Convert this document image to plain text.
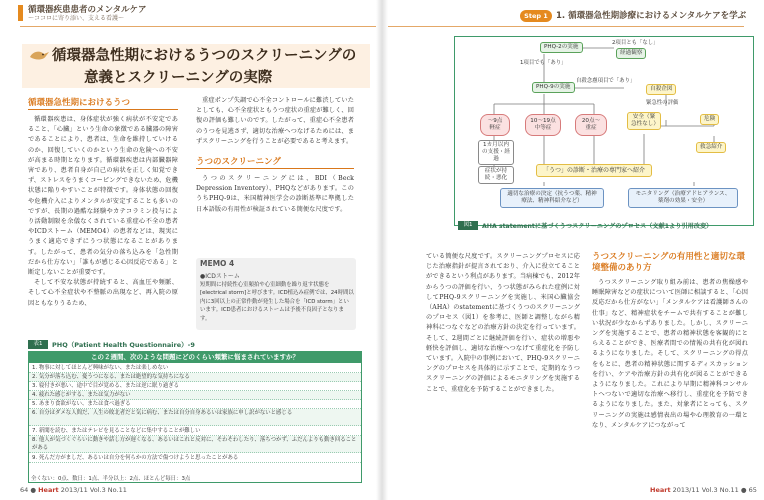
循環器疾患患者のメンタルケア
〜ココロに寄り添い、支える看護〜	Step 1 1. 循環器急性期診療におけるメンタルケアを学ぶ
循環器急性期におけるうつのスクリーニングの
意義とスクリーニングの実際
循環器急性期におけるうつ

循環器疾患は、身体症状が強く病状が不安定であること、「心臓」という生命の象徴である臓器の障害であることにより、患者は、生命を維持していけるのか、回復していくのかという生命の危険への不安が高まる時期となります。循環器疾患は内部臓器障害であり、患者自身が自己の病状を正しく知覚できず、ストレスをうまくコーピングできないため、危機状態に陥りやすいことが特徴です。身体状態の回復や危機介入によりメンタルが安定することも多いのですが、長期の過酷な経験やカテコラミン投与により活動制限を余儀なくされている重症心不全の患者やICDストーム（MEMO4）の患者などは、現実にうまく適応できずにうつ状態になることがあります。したがって、患者の気分の落ち込みを「急性期だから仕方ない」「誰もが感じる心因反応である」と断定しないことが重要です。

そして不安な状態が持続すると、高血圧や頻脈、そして心不全症状や不整脈の出現など、再入院の原因ともなりうるため、

重症ポンプ失調で心不全コントロールに難渋していたとしても、心不全症状ともうつ症状の重症が難しく、回復の評価も難しいのです。したがって、重症心不全患者のうつを見逃さず、適切な治療へつなげるためには、まずスクリーニングを行うことが必要であると考えます。

うつのスクリーニング

うつのスクリーニングには、BDI（Beck Depression Inventory）、PHQなどがあります。このうちPHQ-9は、米国精神医学会の診断基準に準拠した日本語版の有用性が検証されている簡便な尺度です。

MEMO 4
●ICDストーム
短期間に持続性心室頻拍や心室細動を繰り返す状態を[electrical storm]と呼びます。ICD植込み症例では、24時間以内に3回以上の正常作動が発生した場合を「ICD storm」といいます。ICD患者におけるストームは予後不良因子となります。
表1	PHQ（Patient Health Questionnaire）-9
この２週間、次のような問題にどのくらい頻繁に悩まされていますか？
1. 物事に対してほとんど興味がない、または楽しめない
2. 気分が落ち込む、憂うつになる、または絶望的な気持ちになる
3. 寝付きが悪い、途中で目が覚める、または逆に眠り過ぎる
4. 疲れた感じがする、または気力がない
5. あまり食欲がない、または食べ過ぎる
6. 自分はダメな人間だ、人生の敗北者だと気に病む、または自分自身あるいは家族に申し訳がないと感じる
7. 新聞を読む、またはテレビを見ることなどに集中することが難しい
8. 他人が気づくぐらいに動きや話し方が遅くなる、あるいはこれと反対に、そわそわしたり、落ちつかず、ふだんよりも動き回ることがある
9. 死んだ方がましだ、あるいは自分を何らかの方法で傷つけようと思ったことがある
全くない：0点、数日：1点、半分以上：2点、ほとんど毎日：3点
PHQ-2の実施
2項目とも「なし」
経過観察
1項目でも「あり」
PHQ-9の実施
自殺念慮項目で「あり」
自殺企図
緊急性の評価
〜9点 軽症
10〜19点 中等症
20点〜 重症
安全（緊急性なし）
危険
1カ月以内の支援・経過
救急紹介
症状が持続・悪化
「うつ」の診断・治療の専門家へ紹介
適切な治療の決定（抗うつ薬、精神療法、精神科紹介など）
モニタリング（治療アドヒアランス、薬剤の効果・安全）
図1	AHA statementに基づくうつスクリーニングのプロセス（文献1より引用改変）

ている簡便な尺度です。スクリーニングプロセスに応じた治療指針が提言されており、介入に役立てることができるという利点があります。当病棟でも、2012年からうつの評価を行い、うつ状態がみられた症例に対してPHQ-9スクリーニングを実施し、米国心臓協会（AHA）のstatementに基づくうつのスクリーニングのプロセス（図1）を参考に、医師と調整しながら精神科につなぐなどの治療方針の決定を行っています。そして、2週間ごとに継続評価を行い、症状の増悪や軽快を評価し、適切な治療へつなげて重症化を予防しています。入院中の事例において、PHQ-9スクリーニングのプロセスを具体的に示すことで、定期的なうつスクリーニングの評価によるモニタリングを実施することで、重症化を予防することができました。

うつスクリーニングの有用性と適切な環境整備のあり方

うつスクリーニング取り組み前は、患者の焦燥感や睡眠障害などの症状について医師に相談すると、「心因反応だから仕方がない」「メンタルケアは看護師さんの仕事」など、精神症状をチームで共有することが難しい状況が少なからずありました。しかし、スクリーニングを実施することで、患者の精神状態を客観的にとらえることができ、医療者間での情報の共有化が図れるようになりました。そして、スクリーニングの得点をもとに、患者の精神状態に関するディスカッションを行い、ケアや治療方針の共有化が図ることができるようになりました。これにより早期に精神科コンサルトへつないで適切な治療へ移行し、重症化を予防できるようになりました。また、対象者にとっても、スクリーニングの実施は感情表出の場や心理教育の一環となり、メンタルケアにつながって

64 ● Heart 2013/11 Vol.3 No.11	Heart 2013/11 Vol.3 No.11 ● 65
